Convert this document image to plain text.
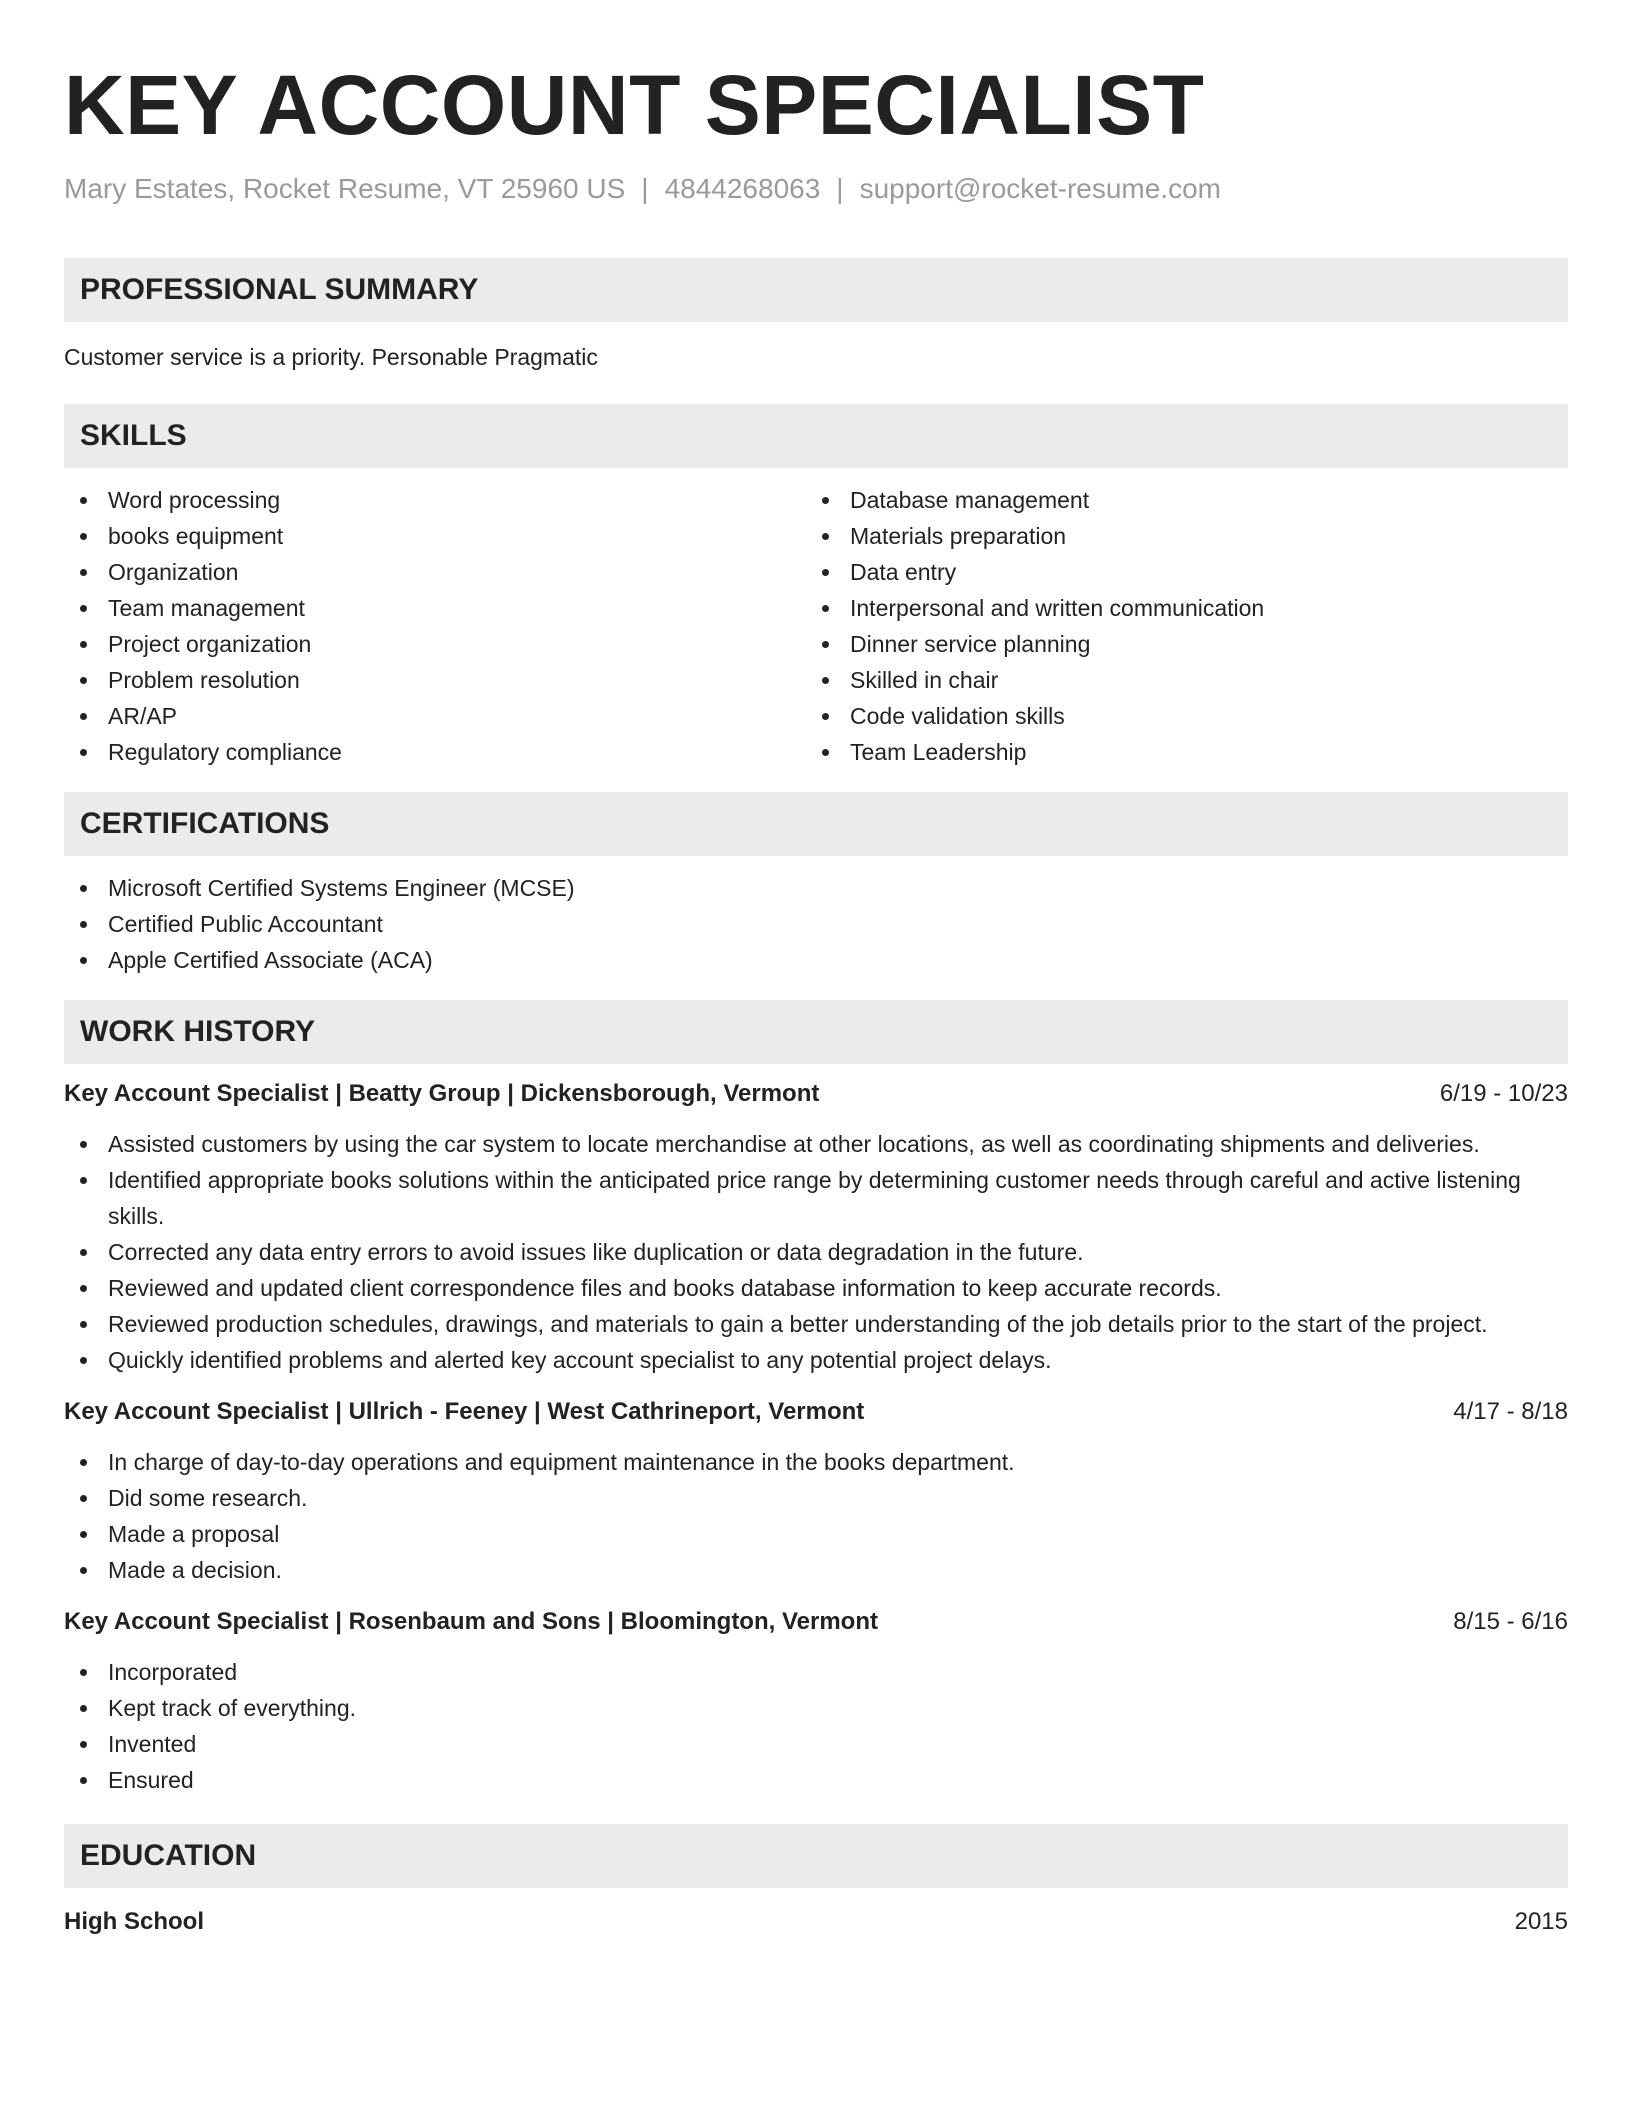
KEY ACCOUNT SPECIALIST
Mary Estates, Rocket Resume, VT 25960 US | 4844268063 | support@rocket-resume.com
PROFESSIONAL SUMMARY

Customer service is a priority. Personable Pragmatic

SKILLS
Word processing
books equipment
Organization
Team management
Project organization
Problem resolution
AR/AP
Regulatory compliance
Database management
Materials preparation
Data entry
Interpersonal and written communication
Dinner service planning
Skilled in chair
Code validation skills
Team Leadership
CERTIFICATIONS
Microsoft Certified Systems Engineer (MCSE)
Certified Public Accountant
Apple Certified Associate (ACA)
WORK HISTORY
Key Account Specialist | Beatty Group | Dickensborough, Vermont	6/19 - 10/23
Assisted customers by using the car system to locate merchandise at other locations, as well as coordinating shipments and deliveries.
Identified appropriate books solutions within the anticipated price range by determining customer needs through careful and active listening skills.
Corrected any data entry errors to avoid issues like duplication or data degradation in the future.
Reviewed and updated client correspondence files and books database information to keep accurate records.
Reviewed production schedules, drawings, and materials to gain a better understanding of the job details prior to the start of the project.
Quickly identified problems and alerted key account specialist to any potential project delays.
Key Account Specialist | Ullrich - Feeney | West Cathrineport, Vermont	4/17 - 8/18
In charge of day-to-day operations and equipment maintenance in the books department.
Did some research.
Made a proposal
Made a decision.
Key Account Specialist | Rosenbaum and Sons | Bloomington, Vermont	8/15 - 6/16
Incorporated
Kept track of everything.
Invented
Ensured
EDUCATION
High School	2015
